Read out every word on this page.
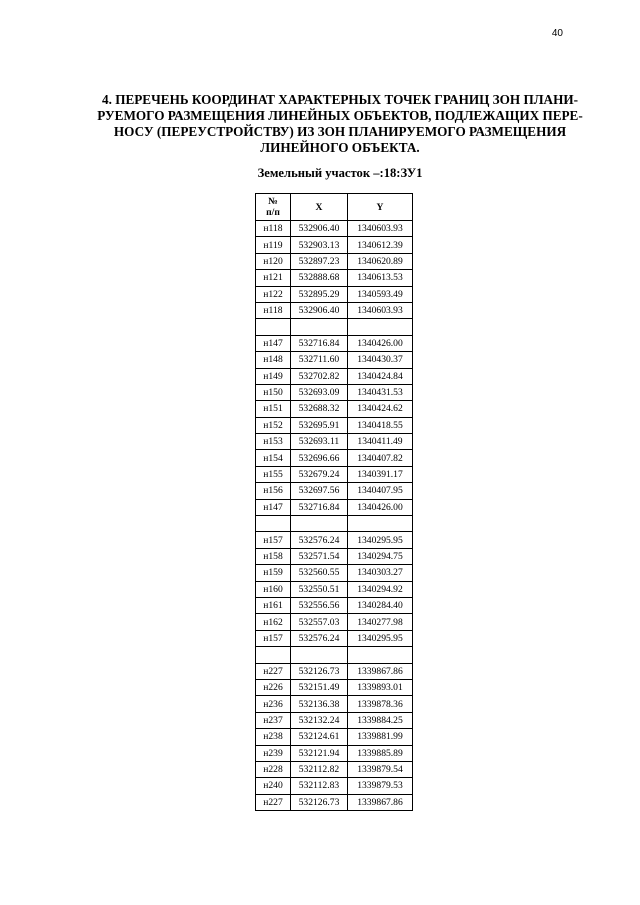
40
4. ПЕРЕЧЕНЬ КООРДИНАТ ХАРАКТЕРНЫХ ТОЧЕК ГРАНИЦ ЗОН ПЛАНИ-
РУЕМОГО РАЗМЕЩЕНИЯ ЛИНЕЙНЫХ ОБЪЕКТОВ, ПОДЛЕЖАЩИХ ПЕРЕ-
НОСУ (ПЕРЕУСТРОЙСТВУ) ИЗ ЗОН ПЛАНИРУЕМОГО РАЗМЕЩЕНИЯ
ЛИНЕЙНОГО ОБЪЕКТА.
Земельный участок –:18:ЗУ1
№
п/п	X	Y
н118	532906.40	1340603.93
н119	532903.13	1340612.39
н120	532897.23	1340620.89
н121	532888.68	1340613.53
н122	532895.29	1340593.49
н118	532906.40	1340603.93

н147	532716.84	1340426.00
н148	532711.60	1340430.37
н149	532702.82	1340424.84
н150	532693.09	1340431.53
н151	532688.32	1340424.62
н152	532695.91	1340418.55
н153	532693.11	1340411.49
н154	532696.66	1340407.82
н155	532679.24	1340391.17
н156	532697.56	1340407.95
н147	532716.84	1340426.00

н157	532576.24	1340295.95
н158	532571.54	1340294.75
н159	532560.55	1340303.27
н160	532550.51	1340294.92
н161	532556.56	1340284.40
н162	532557.03	1340277.98
н157	532576.24	1340295.95

н227	532126.73	1339867.86
н226	532151.49	1339893.01
н236	532136.38	1339878.36
н237	532132.24	1339884.25
н238	532124.61	1339881.99
н239	532121.94	1339885.89
н228	532112.82	1339879.54
н240	532112.83	1339879.53
н227	532126.73	1339867.86
